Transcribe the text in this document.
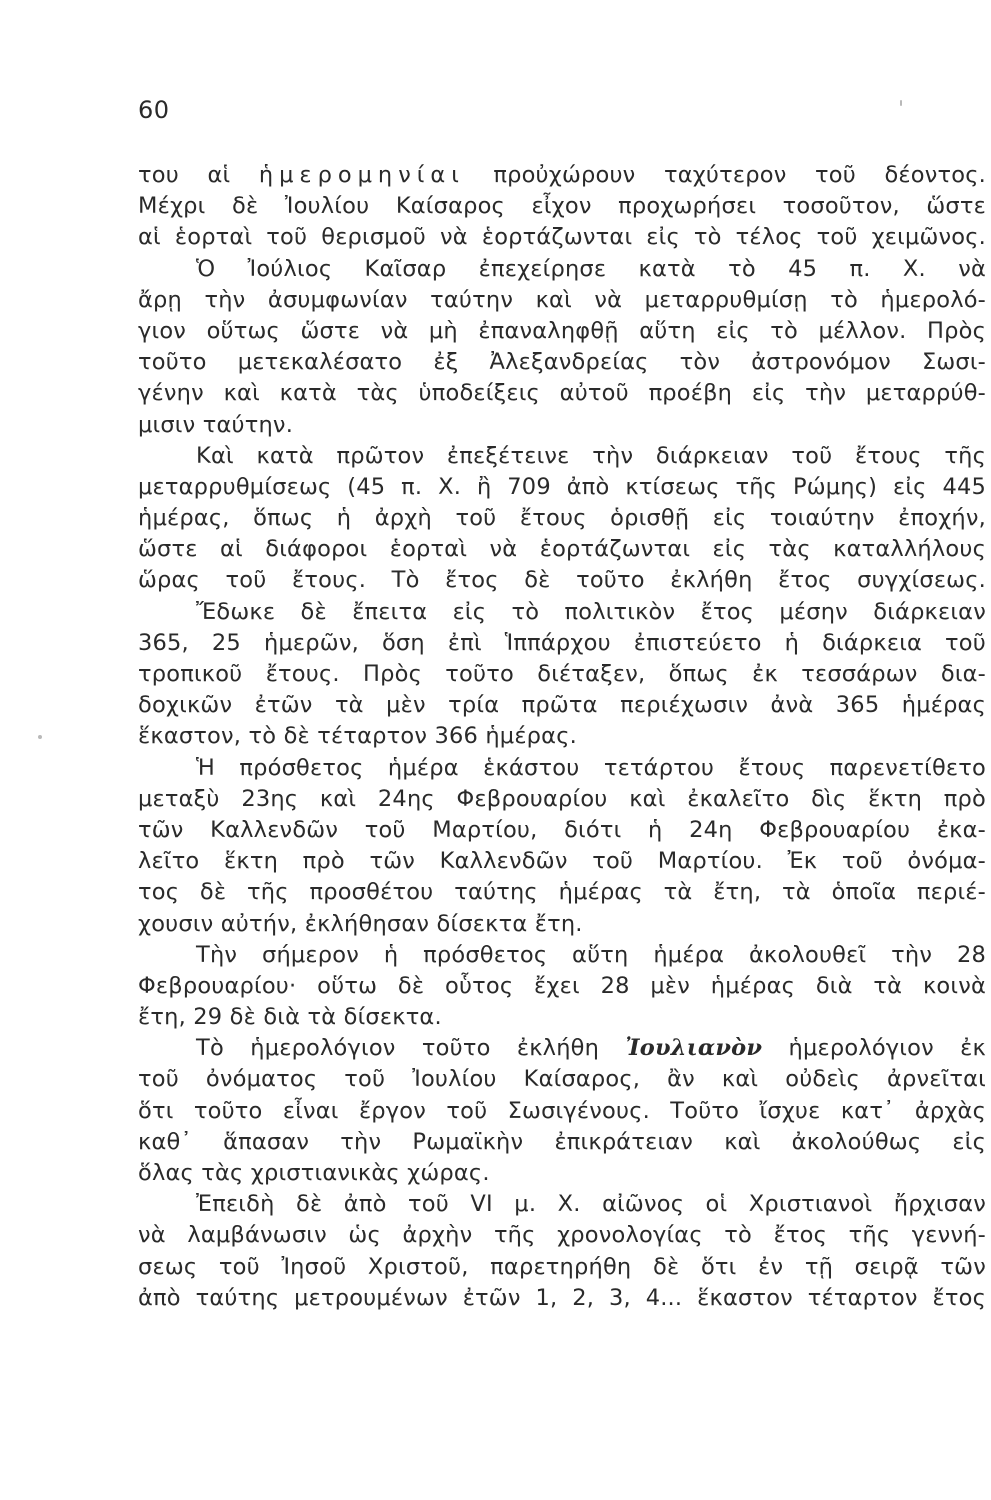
60
του αἱ ἡμερομηνίαι προὐχώρουν ταχύτερον τοῦ δέοντος.
Μέχρι δὲ Ἰουλίου Καίσαρος εἶχον προχωρήσει τοσοῦτον, ὥστε
αἱ ἑορταὶ τοῦ θερισμοῦ νὰ ἑορτάζωνται εἰς τὸ τέλος τοῦ χειμῶνος.
Ὁ Ἰούλιος Καῖσαρ ἐπεχείρησε κατὰ τὸ 45 π. Χ. νὰ
ἄρῃ τὴν ἀσυμφωνίαν ταύτην καὶ νὰ μεταρρυθμίσῃ τὸ ἡμερολό-
γιον οὕτως ὥστε νὰ μὴ ἐπαναληφθῇ αὕτη εἰς τὸ μέλλον. Πρὸς
τοῦτο μετεκαλέσατο ἐξ Ἀλεξανδρείας τὸν ἀστρονόμον Σωσι-
γένην καὶ κατὰ τὰς ὑποδείξεις αὐτοῦ προέβη εἰς τὴν μεταρρύθ-
μισιν ταύτην.
Καὶ κατὰ πρῶτον ἐπεξέτεινε τὴν διάρκειαν τοῦ ἔτους τῆς
μεταρρυθμίσεως (45 π. Χ. ἢ 709 ἀπὸ κτίσεως τῆς Ρώμης) εἰς 445
ἡμέρας, ὅπως ἡ ἀρχὴ τοῦ ἔτους ὁρισθῇ εἰς τοιαύτην ἐποχήν,
ὥστε αἱ διάφοροι ἑορταὶ νὰ ἑορτάζωνται εἰς τὰς καταλλήλους
ὥρας τοῦ ἔτους. Τὸ ἔτος δὲ τοῦτο ἐκλήθη ἔτος συγχίσεως.
Ἔδωκε δὲ ἔπειτα εἰς τὸ πολιτικὸν ἔτος μέσην διάρκειαν
365, 25 ἡμερῶν, ὅση ἐπὶ Ἱππάρχου ἐπιστεύετο ἡ διάρκεια τοῦ
τροπικοῦ ἔτους. Πρὸς τοῦτο διέταξεν, ὅπως ἐκ τεσσάρων δια-
δοχικῶν ἐτῶν τὰ μὲν τρία πρῶτα περιέχωσιν ἀνὰ 365 ἡμέρας
ἕκαστον, τὸ δὲ τέταρτον 366 ἡμέρας.
Ἡ πρόσθετος ἡμέρα ἑκάστου τετάρτου ἔτους παρενετίθετο
μεταξὺ 23ης καὶ 24ης Φεβρουαρίου καὶ ἐκαλεῖτο δὶς ἕκτη πρὸ
τῶν Καλλενδῶν τοῦ Μαρτίου, διότι ἡ 24η Φεβρουαρίου ἐκα-
λεῖτο ἕκτη πρὸ τῶν Καλλενδῶν τοῦ Μαρτίου. Ἐκ τοῦ ὀνόμα-
τος δὲ τῆς προσθέτου ταύτης ἡμέρας τὰ ἔτη, τὰ ὁποῖα περιέ-
χουσιν αὐτήν, ἐκλήθησαν δίσεκτα ἔτη.
Τὴν σήμερον ἡ πρόσθετος αὕτη ἡμέρα ἀκολουθεῖ τὴν 28
Φεβρουαρίου· οὕτω δὲ οὗτος ἔχει 28 μὲν ἡμέρας διὰ τὰ κοινὰ
ἔτη, 29 δὲ διὰ τὰ δίσεκτα.
Τὸ ἡμερολόγιον τοῦτο ἐκλήθη Ἰουλιανὸν ἡμερολόγιον ἐκ
τοῦ ὀνόματος τοῦ Ἰουλίου Καίσαρος, ἂν καὶ οὐδεὶς ἀρνεῖται
ὅτι τοῦτο εἶναι ἔργον τοῦ Σωσιγένους. Τοῦτο ἴσχυε κατ᾽ ἀρχὰς
καθ᾽ ἅπασαν τὴν Ρωμαϊκὴν ἐπικράτειαν καὶ ἀκολούθως εἰς
ὅλας τὰς χριστιανικὰς χώρας.
Ἐπειδὴ δὲ ἀπὸ τοῦ VI μ. Χ. αἰῶνος οἱ Χριστιανοὶ ἤρχισαν
νὰ λαμβάνωσιν ὡς ἀρχὴν τῆς χρονολογίας τὸ ἔτος τῆς γεννή-
σεως τοῦ Ἰησοῦ Χριστοῦ, παρετηρήθη δὲ ὅτι ἐν τῇ σειρᾷ τῶν
ἀπὸ ταύτης μετρουμένων ἐτῶν 1, 2, 3, 4... ἕκαστον τέταρτον ἔτος
